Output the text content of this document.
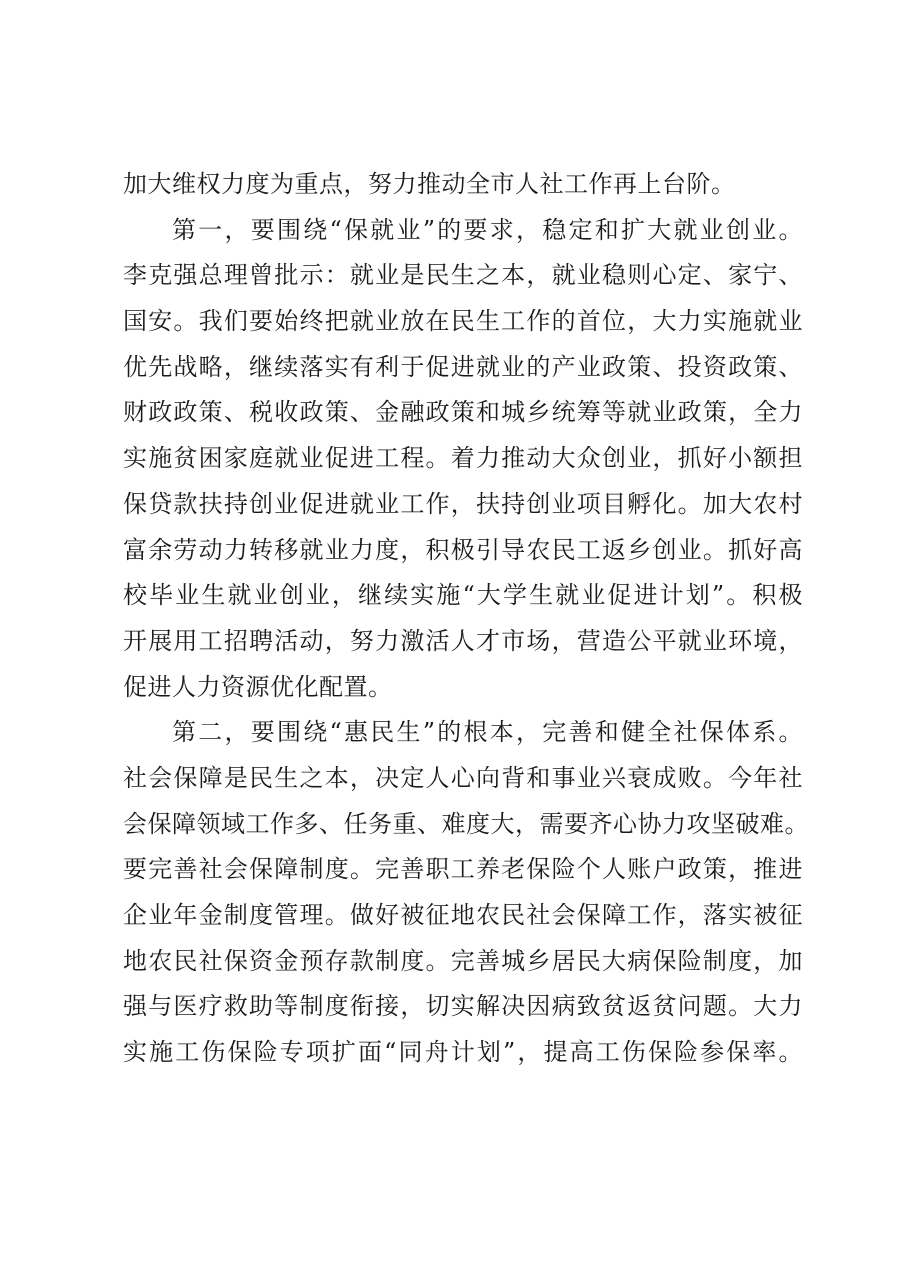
加大维权力度为重点，努力推动全市人社工作再上台阶。
第一，要围绕“保就业”的要求，稳定和扩大就业创业。
李克强总理曾批示：就业是民生之本，就业稳则心定、家宁、
国安。我们要始终把就业放在民生工作的首位，大力实施就业
优先战略，继续落实有利于促进就业的产业政策、投资政策、
财政政策、税收政策、金融政策和城乡统筹等就业政策，全力
实施贫困家庭就业促进工程。着力推动大众创业，抓好小额担
保贷款扶持创业促进就业工作，扶持创业项目孵化。加大农村
富余劳动力转移就业力度，积极引导农民工返乡创业。抓好高
校毕业生就业创业，继续实施“大学生就业促进计划”。积极
开展用工招聘活动，努力激活人才市场，营造公平就业环境，
促进人力资源优化配置。
第二，要围绕“惠民生”的根本，完善和健全社保体系。
社会保障是民生之本，决定人心向背和事业兴衰成败。今年社
会保障领域工作多、任务重、难度大，需要齐心协力攻坚破难。
要完善社会保障制度。完善职工养老保险个人账户政策，推进
企业年金制度管理。做好被征地农民社会保障工作，落实被征
地农民社保资金预存款制度。完善城乡居民大病保险制度，加
强与医疗救助等制度衔接，切实解决因病致贫返贫问题。大力
实施工伤保险专项扩面“同舟计划”，提高工伤保险参保率。
